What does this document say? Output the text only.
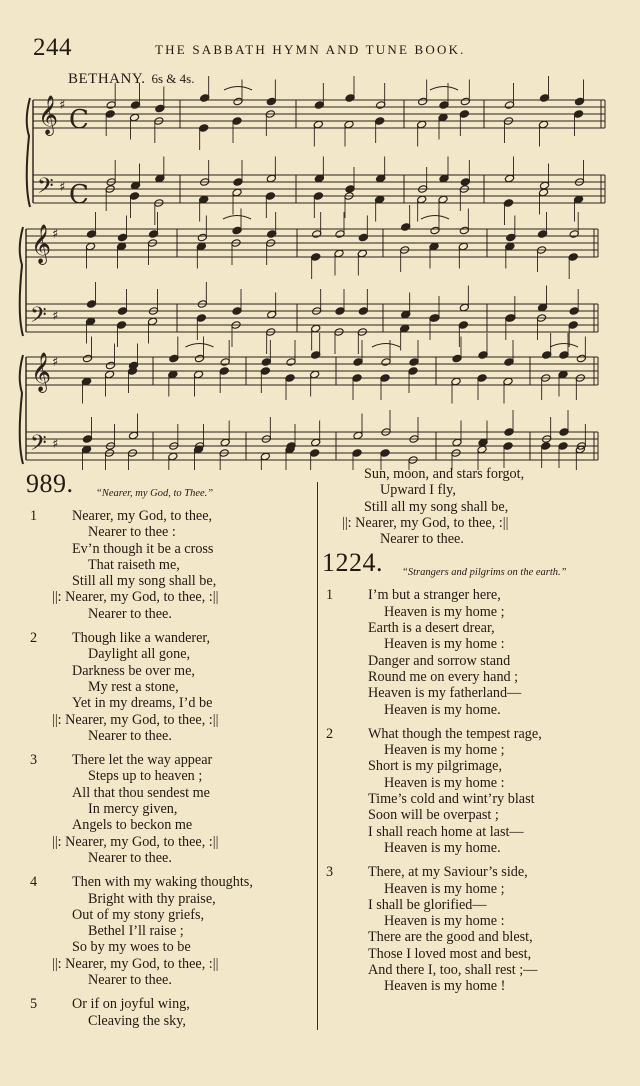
244	THE SABBATH HYMN AND TUNE BOOK.
BETHANY. 6s & 4s.
𝄞
𝄢
♯
♯
C
C
𝄞
𝄢
♯
♯
𝄞
𝄢
♯
♯
989. “Nearer, my God, to Thee.”
1 Nearer, my God, to thee,
Nearer to thee :
Ev’n though it be a cross
That raiseth me,
Still all my song shall be,
||: Nearer, my God, to thee, :||
Nearer to thee.
2 Though like a wanderer,
Daylight all gone,
Darkness be over me,
My rest a stone,
Yet in my dreams, I’d be
||: Nearer, my God, to thee, :||
Nearer to thee.
3 There let the way appear
Steps up to heaven ;
All that thou sendest me
In mercy given,
Angels to beckon me
||: Nearer, my God, to thee, :||
Nearer to thee.
4 Then with my waking thoughts,
Bright with thy praise,
Out of my stony griefs,
Bethel I’ll raise ;
So by my woes to be
||: Nearer, my God, to thee, :||
Nearer to thee.
5 Or if on joyful wing,
Cleaving the sky,
Sun, moon, and stars forgot,
Upward I fly,
Still all my song shall be,
||: Nearer, my God, to thee, :||
Nearer to thee.
1224. “Strangers and pilgrims on the earth.”
1 I’m but a stranger here,
Heaven is my home ;
Earth is a desert drear,
Heaven is my home :
Danger and sorrow stand
Round me on every hand ;
Heaven is my fatherland—
Heaven is my home.
2 What though the tempest rage,
Heaven is my home ;
Short is my pilgrimage,
Heaven is my home :
Time’s cold and wint’ry blast
Soon will be overpast ;
I shall reach home at last—
Heaven is my home.
3 There, at my Saviour’s side,
Heaven is my home ;
I shall be glorified—
Heaven is my home :
There are the good and blest,
Those I loved most and best,
And there I, too, shall rest ;—
Heaven is my home !
